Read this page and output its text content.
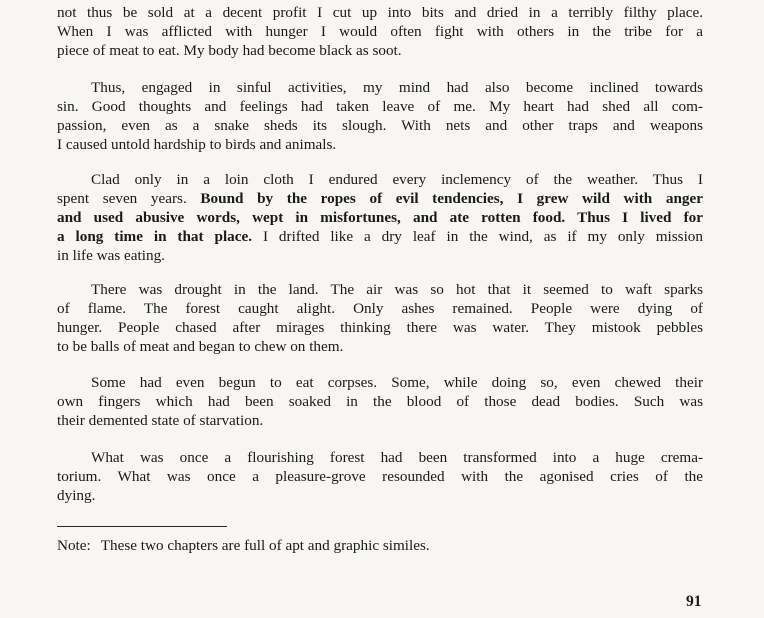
not thus be sold at a decent profit I cut up into bits and dried in a terribly filthy place.
When I was afflicted with hunger I would often fight with others in the tribe for a
piece of meat to eat. My body had become black as soot.
Thus, engaged in sinful activities, my mind had also become inclined towards
sin. Good thoughts and feelings had taken leave of me. My heart had shed all com-
passion, even as a snake sheds its slough. With nets and other traps and weapons
I caused untold hardship to birds and animals.
Clad only in a loin cloth I endured every inclemency of the weather. Thus I
spent seven years. Bound by the ropes of evil tendencies, I grew wild with anger
and used abusive words, wept in misfortunes, and ate rotten food. Thus I lived for
a long time in that place. I drifted like a dry leaf in the wind, as if my only mission
in life was eating.
There was drought in the land. The air was so hot that it seemed to waft sparks
of flame. The forest caught alight. Only ashes remained. People were dying of
hunger. People chased after mirages thinking there was water. They mistook pebbles
to be balls of meat and began to chew on them.
Some had even begun to eat corpses. Some, while doing so, even chewed their
own fingers which had been soaked in the blood of those dead bodies. Such was
their demented state of starvation.
What was once a flourishing forest had been transformed into a huge crema-
torium. What was once a pleasure-grove resounded with the agonised cries of the
dying.
Note: These two chapters are full of apt and graphic similes.
91
